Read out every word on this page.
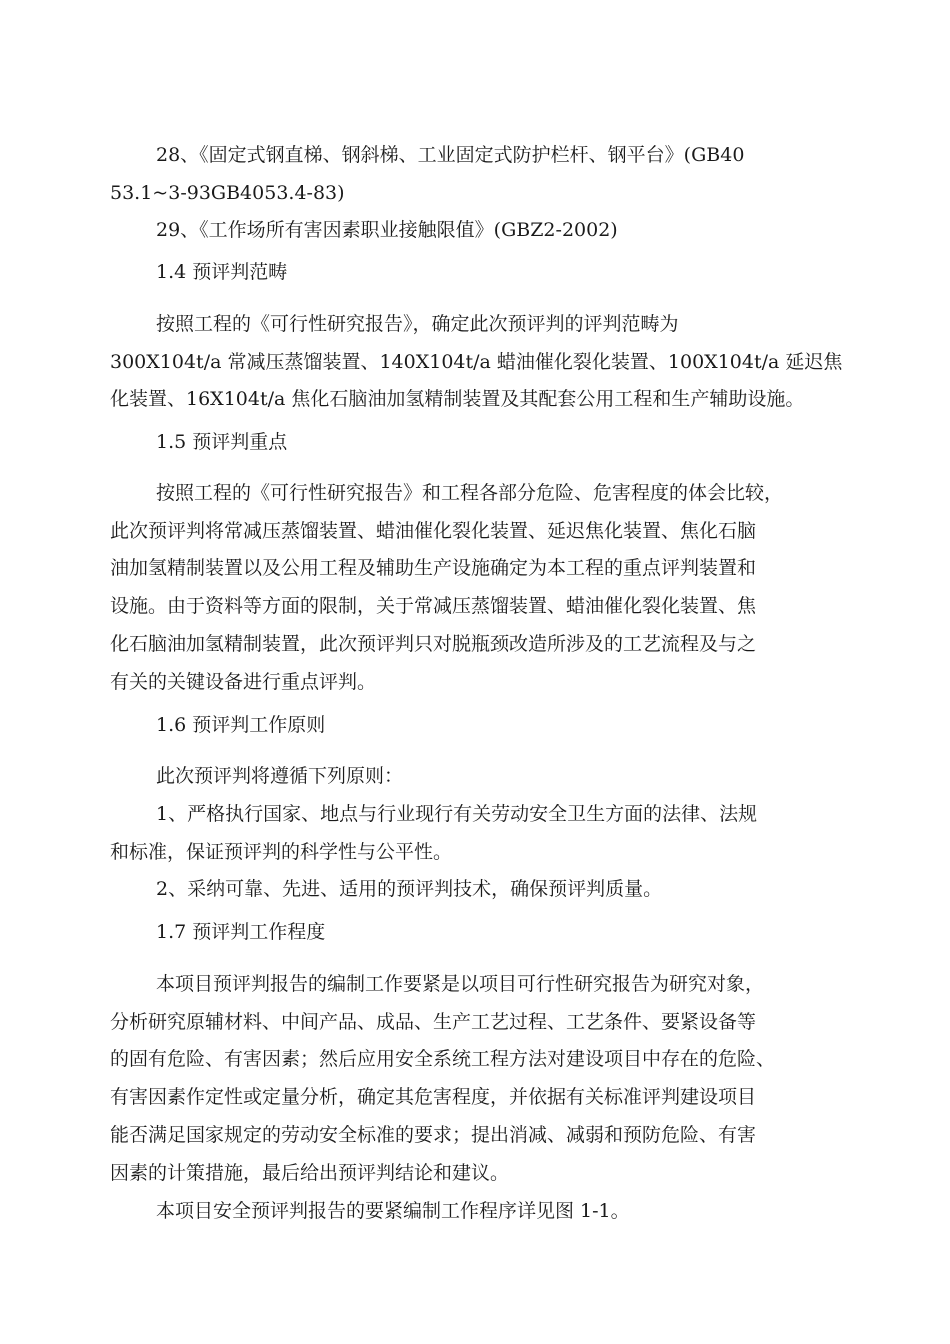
28、《固定式钢直梯、钢斜梯、工业固定式防护栏杆、钢平台》(GB40
53.1~3-93GB4053.4-83)
29、《工作场所有害因素职业接触限值》(GBZ2-2002)
1.4 预评判范畴
按照工程的《可行性研究报告》，确定此次预评判的评判范畴为
300X104t/a 常减压蒸馏装置、140X104t/a 蜡油催化裂化装置、100X104t/a 延迟焦
化装置、16X104t/a 焦化石脑油加氢精制装置及其配套公用工程和生产辅助设施。
1.5 预评判重点
按照工程的《可行性研究报告》和工程各部分危险、危害程度的体会比较，
此次预评判将常减压蒸馏装置、蜡油催化裂化装置、延迟焦化装置、焦化石脑
油加氢精制装置以及公用工程及辅助生产设施确定为本工程的重点评判装置和
设施。由于资料等方面的限制，关于常减压蒸馏装置、蜡油催化裂化装置、焦
化石脑油加氢精制装置，此次预评判只对脱瓶颈改造所涉及的工艺流程及与之
有关的关键设备进行重点评判。
1.6 预评判工作原则
此次预评判将遵循下列原则：
1、严格执行国家、地点与行业现行有关劳动安全卫生方面的法律、法规
和标准，保证预评判的科学性与公平性。
2、采纳可靠、先进、适用的预评判技术，确保预评判质量。
1.7 预评判工作程度
本项目预评判报告的编制工作要紧是以项目可行性研究报告为研究对象，
分析研究原辅材料、中间产品、成品、生产工艺过程、工艺条件、要紧设备等
的固有危险、有害因素；然后应用安全系统工程方法对建设项目中存在的危险、
有害因素作定性或定量分析，确定其危害程度，并依据有关标准评判建设项目
能否满足国家规定的劳动安全标准的要求；提出消减、减弱和预防危险、有害
因素的计策措施，最后给出预评判结论和建议。
本项目安全预评判报告的要紧编制工作程序详见图 1-1。
